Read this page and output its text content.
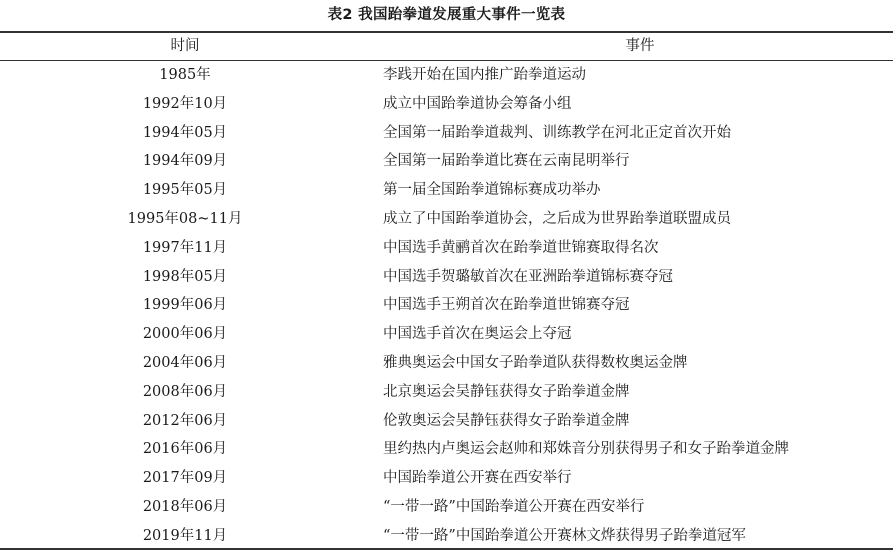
表2 我国跆拳道发展重大事件一览表
时间	事件
1985年	李践开始在国内推广跆拳道运动
1992年10月	成立中国跆拳道协会筹备小组
1994年05月	全国第一届跆拳道裁判、训练教学在河北正定首次开始
1994年09月	全国第一届跆拳道比赛在云南昆明举行
1995年05月	第一届全国跆拳道锦标赛成功举办
1995年08~11月	成立了中国跆拳道协会，之后成为世界跆拳道联盟成员
1997年11月	中国选手黄鹂首次在跆拳道世锦赛取得名次
1998年05月	中国选手贺璐敏首次在亚洲跆拳道锦标赛夺冠
1999年06月	中国选手王朔首次在跆拳道世锦赛夺冠
2000年06月	中国选手首次在奥运会上夺冠
2004年06月	雅典奥运会中国女子跆拳道队获得数枚奥运金牌
2008年06月	北京奥运会吴静钰获得女子跆拳道金牌
2012年06月	伦敦奥运会吴静钰获得女子跆拳道金牌
2016年06月	里约热内卢奥运会赵帅和郑姝音分别获得男子和女子跆拳道金牌
2017年09月	中国跆拳道公开赛在西安举行
2018年06月	“一带一路”中国跆拳道公开赛在西安举行
2019年11月	“一带一路”中国跆拳道公开赛林文烨获得男子跆拳道冠军
